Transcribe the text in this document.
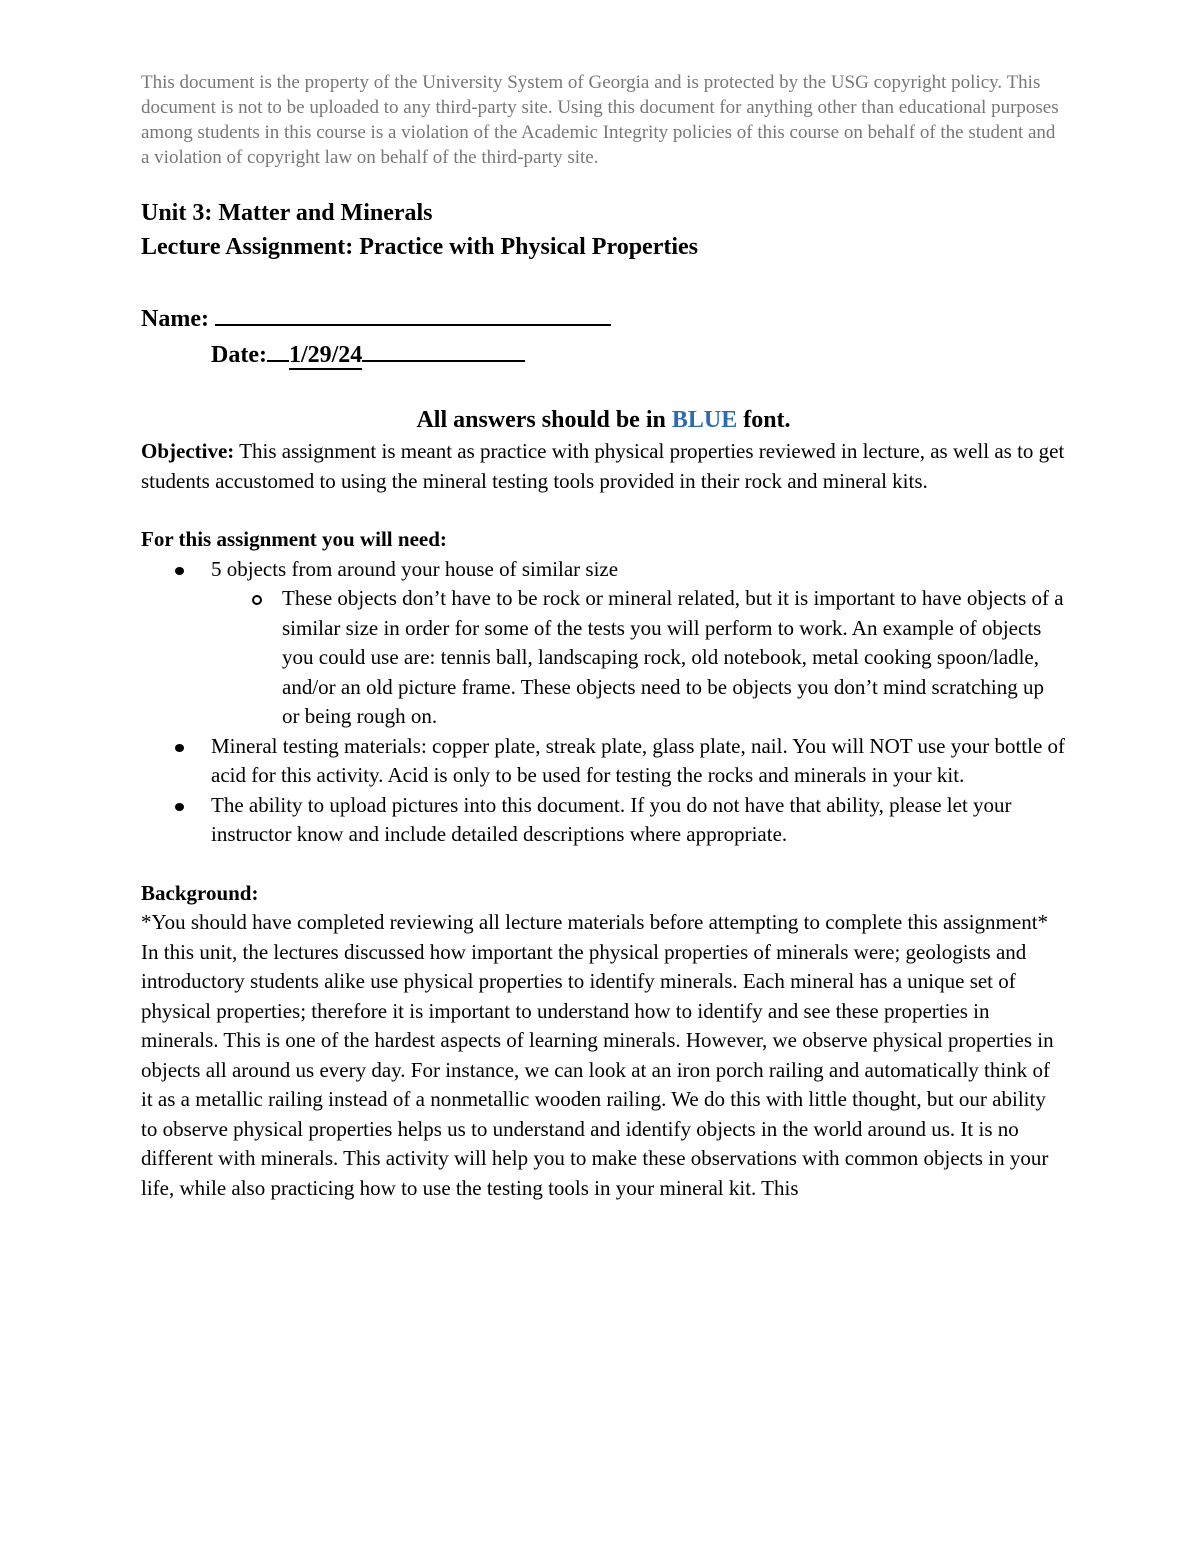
This document is the property of the University System of Georgia and is protected by the USG copyright policy. This document is not to be uploaded to any third-party site. Using this document for anything other than educational purposes among students in this course is a violation of the Academic Integrity policies of this course on behalf of the student and a violation of copyright law on behalf of the third-party site.

Unit 3: Matter and Minerals

Lecture Assignment: Practice with Physical Properties

Name:
Date: 1/29/24
All answers should be in BLUE font.

Objective: This assignment is meant as practice with physical properties reviewed in lecture, as well as to get students accustomed to using the mineral testing tools provided in their rock and mineral kits.

For this assignment you will need:
5 objects from around your house of similar size
These objects don’t have to be rock or mineral related, but it is important to have objects of a similar size in order for some of the tests you will perform to work. An example of objects you could use are: tennis ball, landscaping rock, old notebook, metal cooking spoon/ladle, and/or an old picture frame. These objects need to be objects you don’t mind scratching up or being rough on.
Mineral testing materials: copper plate, streak plate, glass plate, nail. You will NOT use your bottle of acid for this activity. Acid is only to be used for testing the rocks and minerals in your kit.
The ability to upload pictures into this document. If you do not have that ability, please let your instructor know and include detailed descriptions where appropriate.
Background:

*You should have completed reviewing all lecture materials before attempting to complete this assignment*

In this unit, the lectures discussed how important the physical properties of minerals were; geologists and introductory students alike use physical properties to identify minerals. Each mineral has a unique set of physical properties; therefore it is important to understand how to identify and see these properties in minerals. This is one of the hardest aspects of learning minerals. However, we observe physical properties in objects all around us every day. For instance, we can look at an iron porch railing and automatically think of it as a metallic railing instead of a nonmetallic wooden railing. We do this with little thought, but our ability to observe physical properties helps us to understand and identify objects in the world around us. It is no different with minerals. This activity will help you to make these observations with common objects in your life, while also practicing how to use the testing tools in your mineral kit. This
